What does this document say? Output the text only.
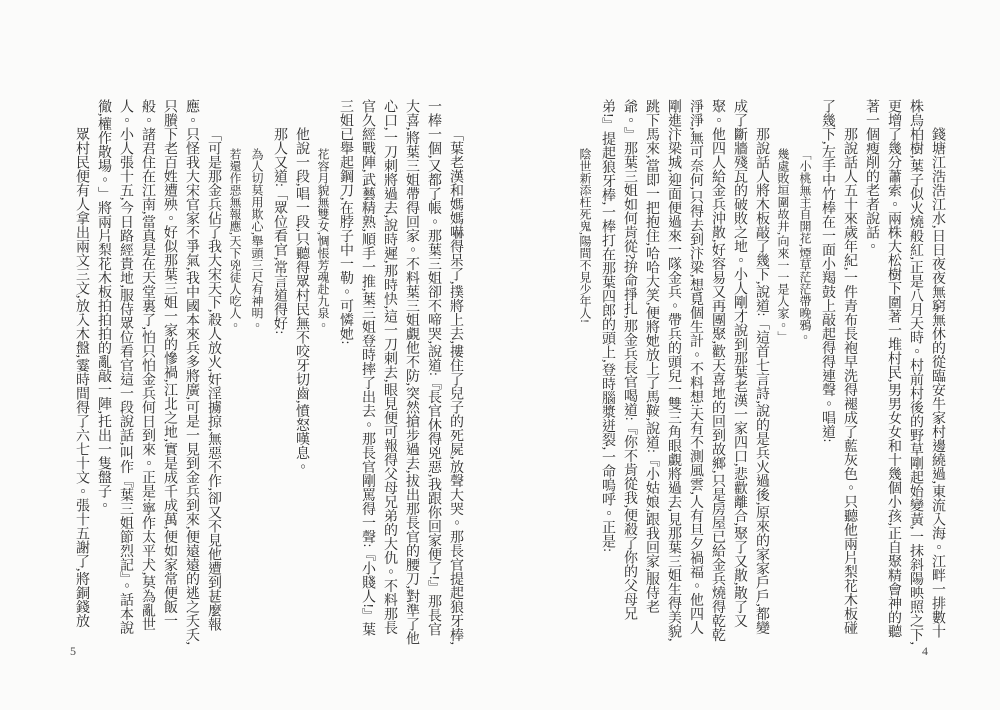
錢塘江浩浩江水,日日夜夜無窮無休的從臨安牛家村邊繞過,東流入海。江畔一排數十株烏柏樹,葉子似火燒般紅,正是八月天時。村前村後的野草剛起始變黃,一抹斜陽映照之下,更增了幾分蕭索。兩株大松樹下圍著一堆村民,男男女女和十幾個小孩,正自聚精會神的聽著一個瘦削的老者說話。

那說話人五十來歲年紀,一件青布長袍早洗得褪成了藍灰色。只聽他兩片梨花木板碰了幾下,左手中竹棒在一面小羯鼓上敲起得得連聲。唱道:

「小桃無主自開花,煙草茫茫帶晚鴉。

幾處敗垣圍故井,向來一一是人家。」

那說話人將木板敲了幾下,說道:「這首七言詩,說的是兵火過後,原來的家家戶戶,都變成了斷牆殘瓦的破敗之地。小人剛才說到那葉老漢一家四口,悲歡離合,聚了又散,散了又聚。他四人給金兵沖散,好容易又再團聚,歡天喜地的回到故鄉,只是房屋已給金兵燒得乾乾淨淨,無可奈何,只得去到汴梁,想覓個生計。不料想:天有不測風雲,人有旦夕禍福。他四人剛進汴梁城,迎面便過來一隊金兵。帶兵的頭兒一雙三角眼覷將過去,見那葉三姐生得美貌,跳下馬來,當即一把抱住,哈哈大笑,便將她放上了馬鞍,說道:『小姑娘,跟我回家,服侍老爺。』那葉三姐如何肯從?拚命掙扎,那金兵長官喝道:『你不肯從我,便殺了你的父母兄弟!』提起狼牙棒,一棒打在那葉四郎的頭上,登時腦漿迸裂,一命嗚呼。正是:

陰世新添枉死鬼,陽間不見少年人!

4

「葉老漢和媽媽嚇得呆了,撲將上去,摟住了兒子的死屍,放聲大哭。那長官提起狼牙棒,一棒一個,又都了帳。那葉三姐卻不啼哭,說道:『長官休得兇惡,我跟你回家便了!』那長官大喜,將葉三姐帶得回家。不料葉三姐覷他不防,突然搶步過去,拔出那長官的腰刀,對準了他心口,一刀刺將過去,說時遲,那時快,這一刀刺去,眼見便可報得父母兄弟的大仇。不料那長官久經戰陣,武藝精熟,順手一推,葉三姐登時摔了出去。那長官剛罵得一聲:『小賤人!』葉三姐已舉起鋼刀,在脖子中一勒。可憐她:

花容月貌無雙女,惆悵芳魂赴九泉。

他說一段,唱一段,只聽得眾村民無不咬牙切齒,憤怒嘆息。

那人又道:「眾位看官,常言道得好:

為人切莫用欺心,舉頭三尺有神明。

若還作惡無報應,天下兇徒人吃人。

「可是那金兵佔了我大宋天下,殺人放火,奸淫擄掠,無惡不作,卻又不見他遭到甚麼報應。只怪我大宋官家不爭氣,我中國本來兵多將廣,可是一見到金兵到來,便遠遠的逃之夭夭,只賸下老百姓遭殃。好似那葉三姐一家的慘禍,江北之地,實是成千成萬,便如家常便飯一般。諸君住在江南,當真是在天堂裏了,怕只怕金兵何日到來。正是:寧作太平犬,莫為亂世人。小人張十五,今日路經貴地,服侍眾位看官這一段說話,叫作『葉三姐節烈記』。話本說徹,權作散場。」將兩片梨花木板拍拍拍的亂敲一陣,托出一隻盤子。

眾村民便有人拿出兩文三文,放入木盤,霎時間得了六七十文。張十五謝了,將銅錢放

5
